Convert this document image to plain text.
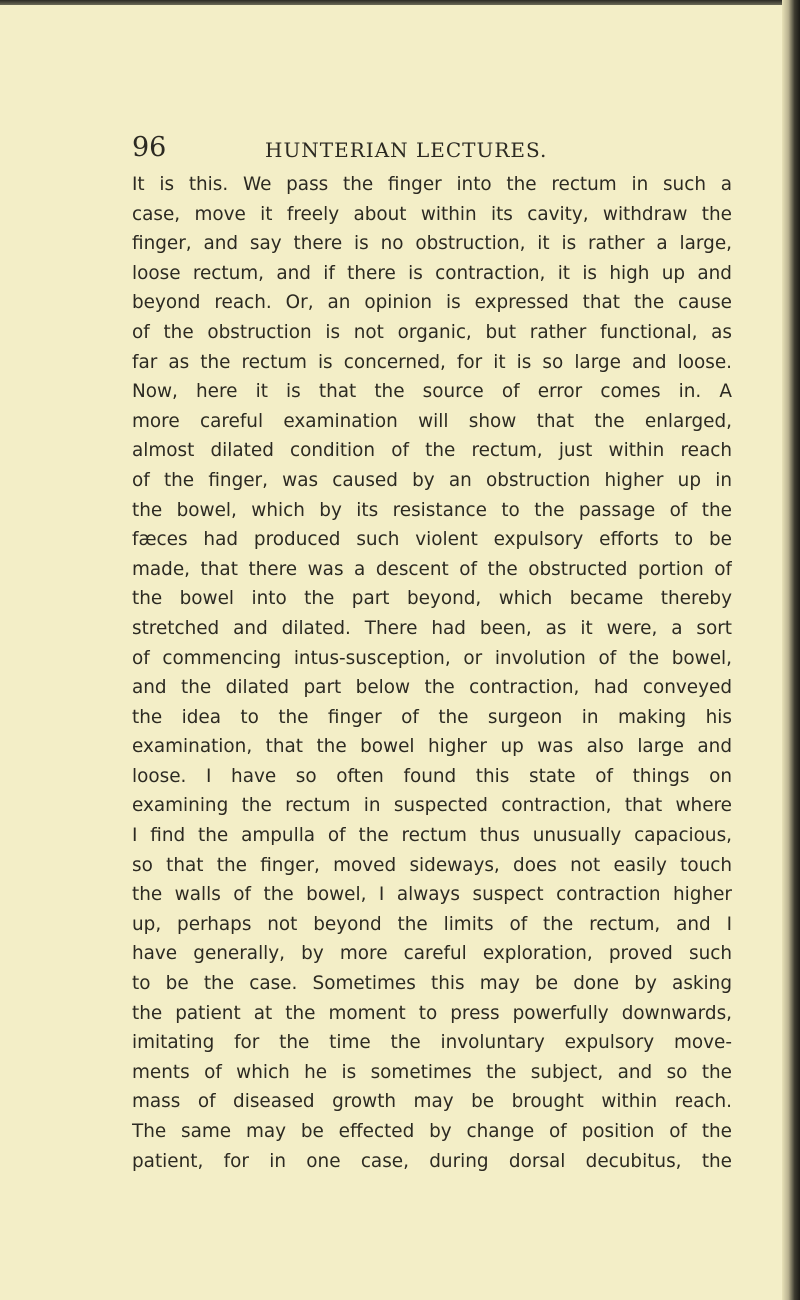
96	HUNTERIAN LECTURES.
It is this. We pass the finger into the rectum in such a
case, move it freely about within its cavity, withdraw the
finger, and say there is no obstruction, it is rather a large,
loose rectum, and if there is contraction, it is high up and
beyond reach. Or, an opinion is expressed that the cause
of the obstruction is not organic, but rather functional, as
far as the rectum is concerned, for it is so large and loose.
Now, here it is that the source of error comes in. A
more careful examination will show that the enlarged,
almost dilated condition of the rectum, just within reach
of the finger, was caused by an obstruction higher up in
the bowel, which by its resistance to the passage of the
fæces had produced such violent expulsory efforts to be
made, that there was a descent of the obstructed portion of
the bowel into the part beyond, which became thereby
stretched and dilated. There had been, as it were, a sort
of commencing intus-susception, or involution of the bowel,
and the dilated part below the contraction, had conveyed
the idea to the finger of the surgeon in making his
examination, that the bowel higher up was also large and
loose. I have so often found this state of things on
examining the rectum in suspected contraction, that where
I find the ampulla of the rectum thus unusually capacious,
so that the finger, moved sideways, does not easily touch
the walls of the bowel, I always suspect contraction higher
up, perhaps not beyond the limits of the rectum, and I
have generally, by more careful exploration, proved such
to be the case. Sometimes this may be done by asking
the patient at the moment to press powerfully downwards,
imitating for the time the involuntary expulsory move-
ments of which he is sometimes the subject, and so the
mass of diseased growth may be brought within reach.
The same may be effected by change of position of the
patient, for in one case, during dorsal decubitus, the
